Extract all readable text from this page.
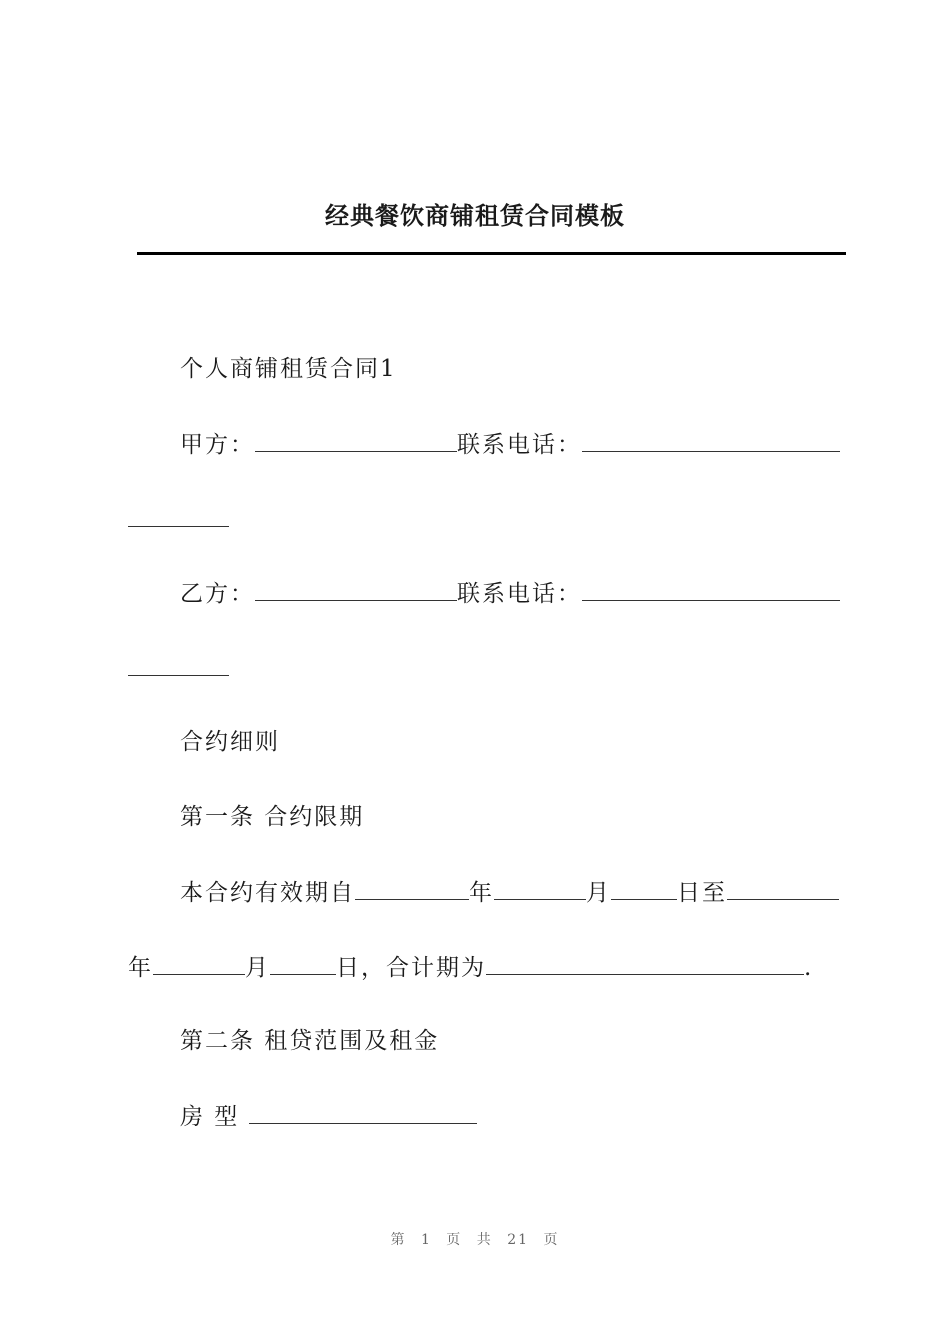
经典餐饮商铺租赁合同模板
个人商铺租赁合同1
甲方：	联系电话：
乙方：	联系电话：
合约细则
第一条 合约限期
本合约有效期自	年	月	日至
年	月	日，合计期为	.
第二条 租贷范围及租金
房 型
第 1 页 共 21 页
